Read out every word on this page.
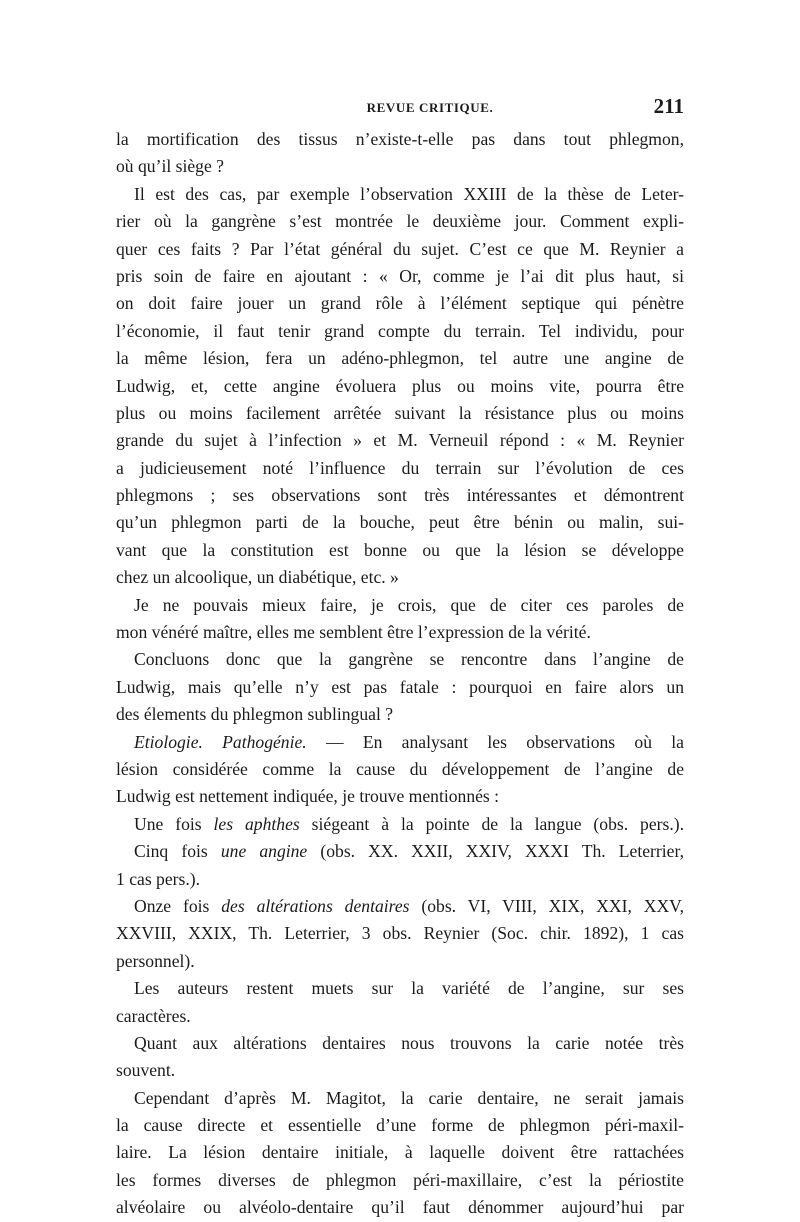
REVUE CRITIQUE.	211
la mortification des tissus n’existe-t-elle pas dans tout phlegmon,
où qu’il siège ?
Il est des cas, par exemple l’observation XXIII de la thèse de Leter-
rier où la gangrène s’est montrée le deuxième jour. Comment expli-
quer ces faits ? Par l’état général du sujet. C’est ce que M. Reynier a
pris soin de faire en ajoutant : « Or, comme je l’ai dit plus haut, si
on doit faire jouer un grand rôle à l’élément septique qui pénètre
l’économie, il faut tenir grand compte du terrain. Tel individu, pour
la même lésion, fera un adéno-phlegmon, tel autre une angine de
Ludwig, et, cette angine évoluera plus ou moins vite, pourra être
plus ou moins facilement arrêtée suivant la résistance plus ou moins
grande du sujet à l’infection » et M. Verneuil répond : « M. Reynier
a judicieusement noté l’influence du terrain sur l’évolution de ces
phlegmons ; ses observations sont très intéressantes et démontrent
qu’un phlegmon parti de la bouche, peut être bénin ou malin, sui-
vant que la constitution est bonne ou que la lésion se développe
chez un alcoolique, un diabétique, etc. »
Je ne pouvais mieux faire, je crois, que de citer ces paroles de
mon vénéré maître, elles me semblent être l’expression de la vérité.
Concluons donc que la gangrène se rencontre dans l’angine de
Ludwig, mais qu’elle n’y est pas fatale : pourquoi en faire alors un
des élements du phlegmon sublingual ?
Etiologie. Pathogénie. — En analysant les observations où la
lésion considérée comme la cause du développement de l’angine de
Ludwig est nettement indiquée, je trouve mentionnés :
Une fois les aphthes siégeant à la pointe de la langue (obs. pers.).
Cinq fois une angine (obs. XX. XXII, XXIV, XXXI Th. Leterrier,
1 cas pers.).
Onze fois des altérations dentaires (obs. VI, VIII, XIX, XXI, XXV,
XXVIII, XXIX, Th. Leterrier, 3 obs. Reynier (Soc. chir. 1892), 1 cas
personnel).
Les auteurs restent muets sur la variété de l’angine, sur ses
caractères.
Quant aux altérations dentaires nous trouvons la carie notée très
souvent.
Cependant d’après M. Magitot, la carie dentaire, ne serait jamais
la cause directe et essentielle d’une forme de phlegmon péri-maxil-
laire. La lésion dentaire initiale, à laquelle doivent être rattachées
les formes diverses de phlegmon péri-maxillaire, c’est la périostite
alvéolaire ou alvéolo-dentaire qu’il faut dénommer aujourd’hui par
